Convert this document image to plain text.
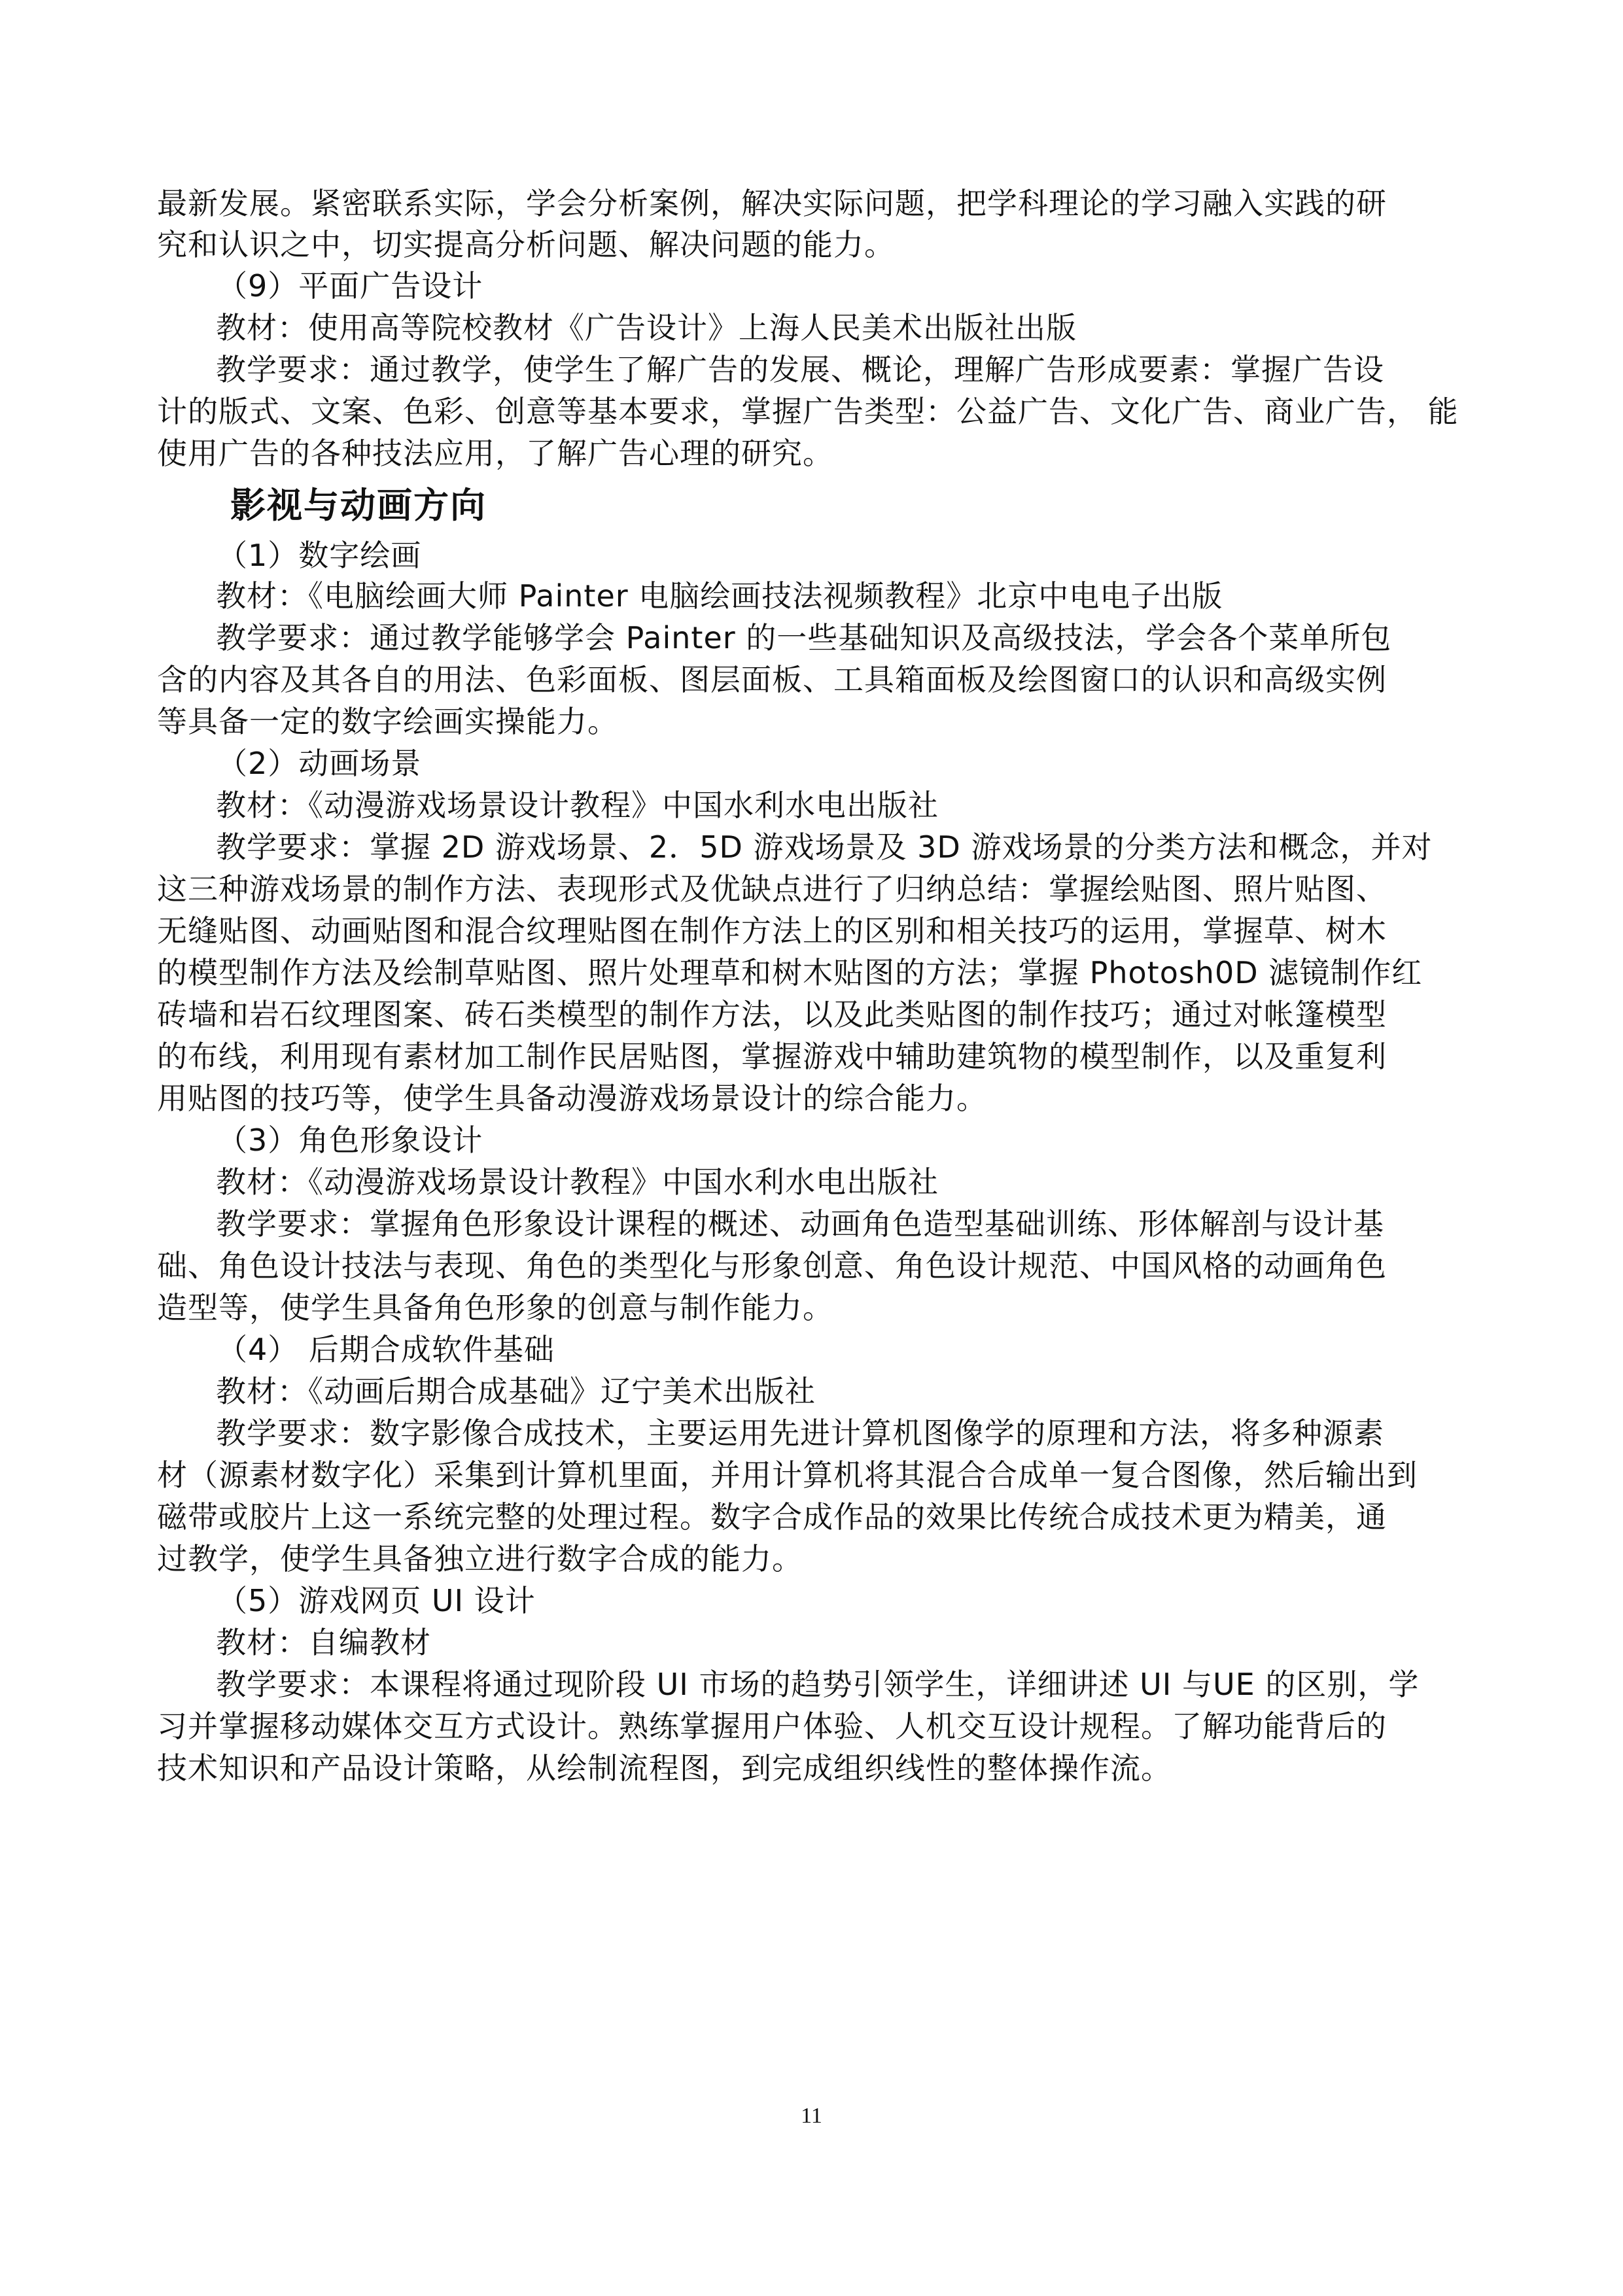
最新发展。紧密联系实际，学会分析案例，解决实际问题，把学科理论的学习融入实践的研
究和认识之中，切实提高分析问题、解决问题的能力。
（9）平面广告设计
教材：使用高等院校教材《广告设计》上海人民美术出版社出版
教学要求：通过教学，使学生了解广告的发展、概论，理解广告形成要素：掌握广告设
计的版式、文案、色彩、创意等基本要求，掌握广告类型：公益广告、文化广告、商业广告， 能
使用广告的各种技法应用，了解广告心理的研究。
影视与动画方向
（1）数字绘画
教材：《电脑绘画大师 Painter 电脑绘画技法视频教程》北京中电电子出版
教学要求：通过教学能够学会 Painter 的一些基础知识及高级技法，学会各个菜单所包
含的内容及其各自的用法、色彩面板、图层面板、工具箱面板及绘图窗口的认识和高级实例
等具备一定的数字绘画实操能力。
（2）动画场景
教材：《动漫游戏场景设计教程》中国水利水电出版社
教学要求：掌握 2D 游戏场景、2．5D 游戏场景及 3D 游戏场景的分类方法和概念，并对
这三种游戏场景的制作方法、表现形式及优缺点进行了归纳总结：掌握绘贴图、照片贴图、
无缝贴图、动画贴图和混合纹理贴图在制作方法上的区别和相关技巧的运用，掌握草、树木
的模型制作方法及绘制草贴图、照片处理草和树木贴图的方法；掌握 Photosh0D 滤镜制作红
砖墙和岩石纹理图案、砖石类模型的制作方法，以及此类贴图的制作技巧；通过对帐篷模型
的布线，利用现有素材加工制作民居贴图，掌握游戏中辅助建筑物的模型制作，以及重复利
用贴图的技巧等，使学生具备动漫游戏场景设计的综合能力。
（3）角色形象设计
教材：《动漫游戏场景设计教程》中国水利水电出版社
教学要求：掌握角色形象设计课程的概述、动画角色造型基础训练、形体解剖与设计基
础、角色设计技法与表现、角色的类型化与形象创意、角色设计规范、中国风格的动画角色
造型等，使学生具备角色形象的创意与制作能力。
（4） 后期合成软件基础
教材：《动画后期合成基础》辽宁美术出版社
教学要求：数字影像合成技术，主要运用先进计算机图像学的原理和方法，将多种源素
材（源素材数字化）采集到计算机里面，并用计算机将其混合合成单一复合图像，然后输出到
磁带或胶片上这一系统完整的处理过程。数字合成作品的效果比传统合成技术更为精美，通
过教学，使学生具备独立进行数字合成的能力。
（5）游戏网页 UI 设计
教材：自编教材
教学要求：本课程将通过现阶段 UI 市场的趋势引领学生，详细讲述 UI 与UE 的区别，学
习并掌握移动媒体交互方式设计。熟练掌握用户体验、人机交互设计规程。了解功能背后的
技术知识和产品设计策略，从绘制流程图，到完成组织线性的整体操作流。
11
